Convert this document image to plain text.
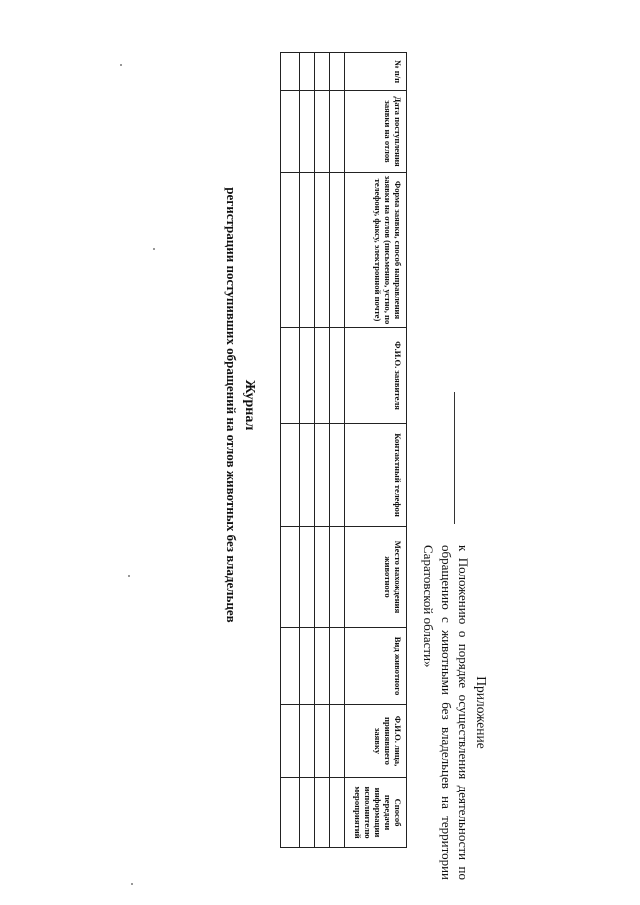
Приложение
к Положению о порядке осуществления деятельности по обращению с животными без владельцев на территории Саратовской области»
Журнал
регистрации поступивших обращений на отлов животных без владельцев
№ п/п	Дата поступления заявки на отлов	Форма заявки, способ направления заявки на отлов (письменно, устно, по телефону, факсу, электронной почте)	Ф.И.О. заявителя	Контактный телефон	Место нахождения животного	Вид животного	Ф.И.О. лица, принявшего заявку	Способ передачи информации исполнителю мероприятий
